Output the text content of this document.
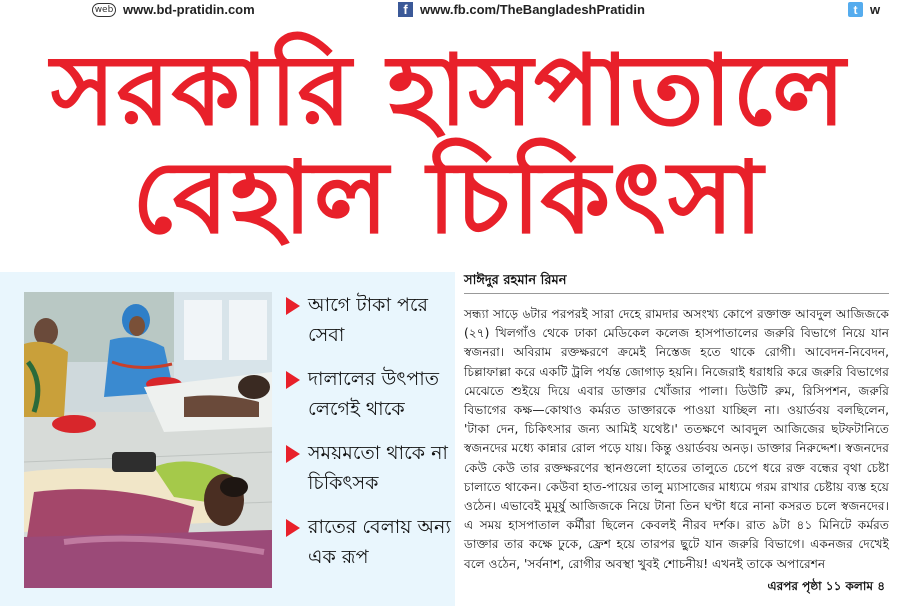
web www.bd-pratidin.com	f www.fb.com/TheBangladeshPratidin	t w
সরকারি হাসপাতালে
বেহাল চিকিৎসা
আগে টাকা পরে সেবা
দালালের উৎপাত লেগেই থাকে
সময়মতো থাকে না চিকিৎসক
রাতের বেলায় অন্য এক রূপ
সাঈদুর রহমান রিমন
সন্ধ্যা সাড়ে ৬টার পরপরই সারা দেহে রামদার অসংখ্য কোপে রক্তাক্ত আবদুল আজিজকে (২৭) খিলগাঁও থেকে ঢাকা মেডিকেল কলেজ হাসপাতালের জরুরি বিভাগে নিয়ে যান স্বজনরা। অবিরাম রক্তক্ষরণে ক্রমেই নিস্তেজ হতে থাকে রোগী। আবেদন-নিবেদন, চিল্লাফাল্লা করে একটি ট্রলি পর্যন্ত জোগাড় হয়নি। নিজেরাই ধরাধরি করে জরুরি বিভাগের মেঝেতে শুইয়ে দিয়ে এবার ডাক্তার খোঁজার পালা। ডিউটি রুম, রিসিপশন, জরুরি বিভাগের কক্ষ—কোথাও কর্মরত ডাক্তারকে পাওয়া যাচ্ছিল না। ওয়ার্ডবয় বলছিলেন, 'টাকা দেন, চিকিৎসার জন্য আমিই যথেষ্ট।' ততক্ষণে আবদুল আজিজের ছটফটানিতে স্বজনদের মধ্যে কান্নার রোল পড়ে যায়। কিন্তু ওয়ার্ডবয় অনড়। ডাক্তার নিরুদ্দেশ। স্বজনদের কেউ কেউ তার রক্তক্ষরণের স্থানগুলো হাতের তালুতে চেপে ধরে রক্ত বন্ধের বৃথা চেষ্টা চালাতে থাকেন। কেউবা হাত-পায়ের তালু ম্যাসাজের মাধ্যমে গরম রাখার চেষ্টায় ব্যস্ত হয়ে ওঠেন। এভাবেই মুমূর্ষু আজিজকে নিয়ে টানা তিন ঘণ্টা ধরে নানা কসরত চলে স্বজনদের। এ সময় হাসপাতাল কর্মীরা ছিলেন কেবলই নীরব দর্শক। রাত ৯টা ৪১ মিনিটে কর্মরত ডাক্তার তার কক্ষে ঢুকে, ফ্রেশ হয়ে তারপর ছুটে যান জরুরি বিভাগে। একনজর দেখেই বলে ওঠেন, 'সর্বনাশ, রোগীর অবস্থা খুবই শোচনীয়! এখনই তাকে অপারেশন
এরপর পৃষ্ঠা ১১ কলাম ৪
